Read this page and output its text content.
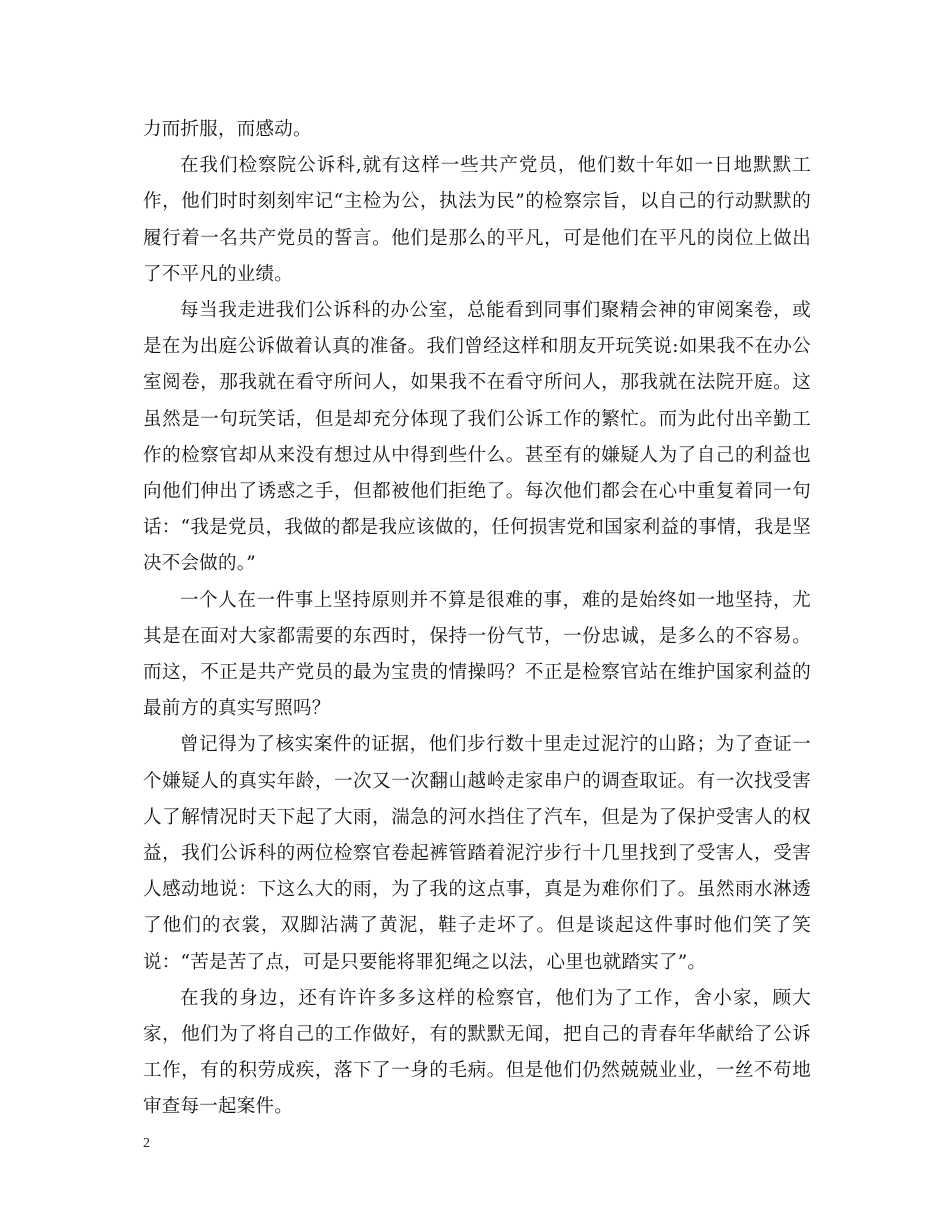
力而折服，而感动。

在我们检察院公诉科,就有这样一些共产党员，他们数十年如一日地默默工作，他们时时刻刻牢记“主检为公，执法为民”的检察宗旨，以自己的行动默默的履行着一名共产党员的誓言。他们是那么的平凡，可是他们在平凡的岗位上做出了不平凡的业绩。

每当我走进我们公诉科的办公室，总能看到同事们聚精会神的审阅案卷，或是在为出庭公诉做着认真的准备。我们曾经这样和朋友开玩笑说:如果我不在办公室阅卷，那我就在看守所问人，如果我不在看守所问人，那我就在法院开庭。这虽然是一句玩笑话，但是却充分体现了我们公诉工作的繁忙。而为此付出辛勤工作的检察官却从来没有想过从中得到些什么。甚至有的嫌疑人为了自己的利益也向他们伸出了诱惑之手，但都被他们拒绝了。每次他们都会在心中重复着同一句话：“我是党员，我做的都是我应该做的，任何损害党和国家利益的事情，我是坚决不会做的。”

一个人在一件事上坚持原则并不算是很难的事，难的是始终如一地坚持，尤其是在面对大家都需要的东西时，保持一份气节，一份忠诚，是多么的不容易。而这，不正是共产党员的最为宝贵的情操吗？不正是检察官站在维护国家利益的最前方的真实写照吗？

曾记得为了核实案件的证据，他们步行数十里走过泥泞的山路；为了查证一个嫌疑人的真实年龄，一次又一次翻山越岭走家串户的调查取证。有一次找受害人了解情况时天下起了大雨，湍急的河水挡住了汽车，但是为了保护受害人的权益，我们公诉科的两位检察官卷起裤管踏着泥泞步行十几里找到了受害人，受害人感动地说：下这么大的雨，为了我的这点事，真是为难你们了。虽然雨水淋透了他们的衣裳，双脚沾满了黄泥，鞋子走坏了。但是谈起这件事时他们笑了笑说：“苦是苦了点，可是只要能将罪犯绳之以法，心里也就踏实了”。

在我的身边，还有许许多多这样的检察官，他们为了工作，舍小家，顾大家，他们为了将自己的工作做好，有的默默无闻，把自己的青春年华献给了公诉工作，有的积劳成疾，落下了一身的毛病。但是他们仍然兢兢业业，一丝不苟地审查每一起案件。

2
